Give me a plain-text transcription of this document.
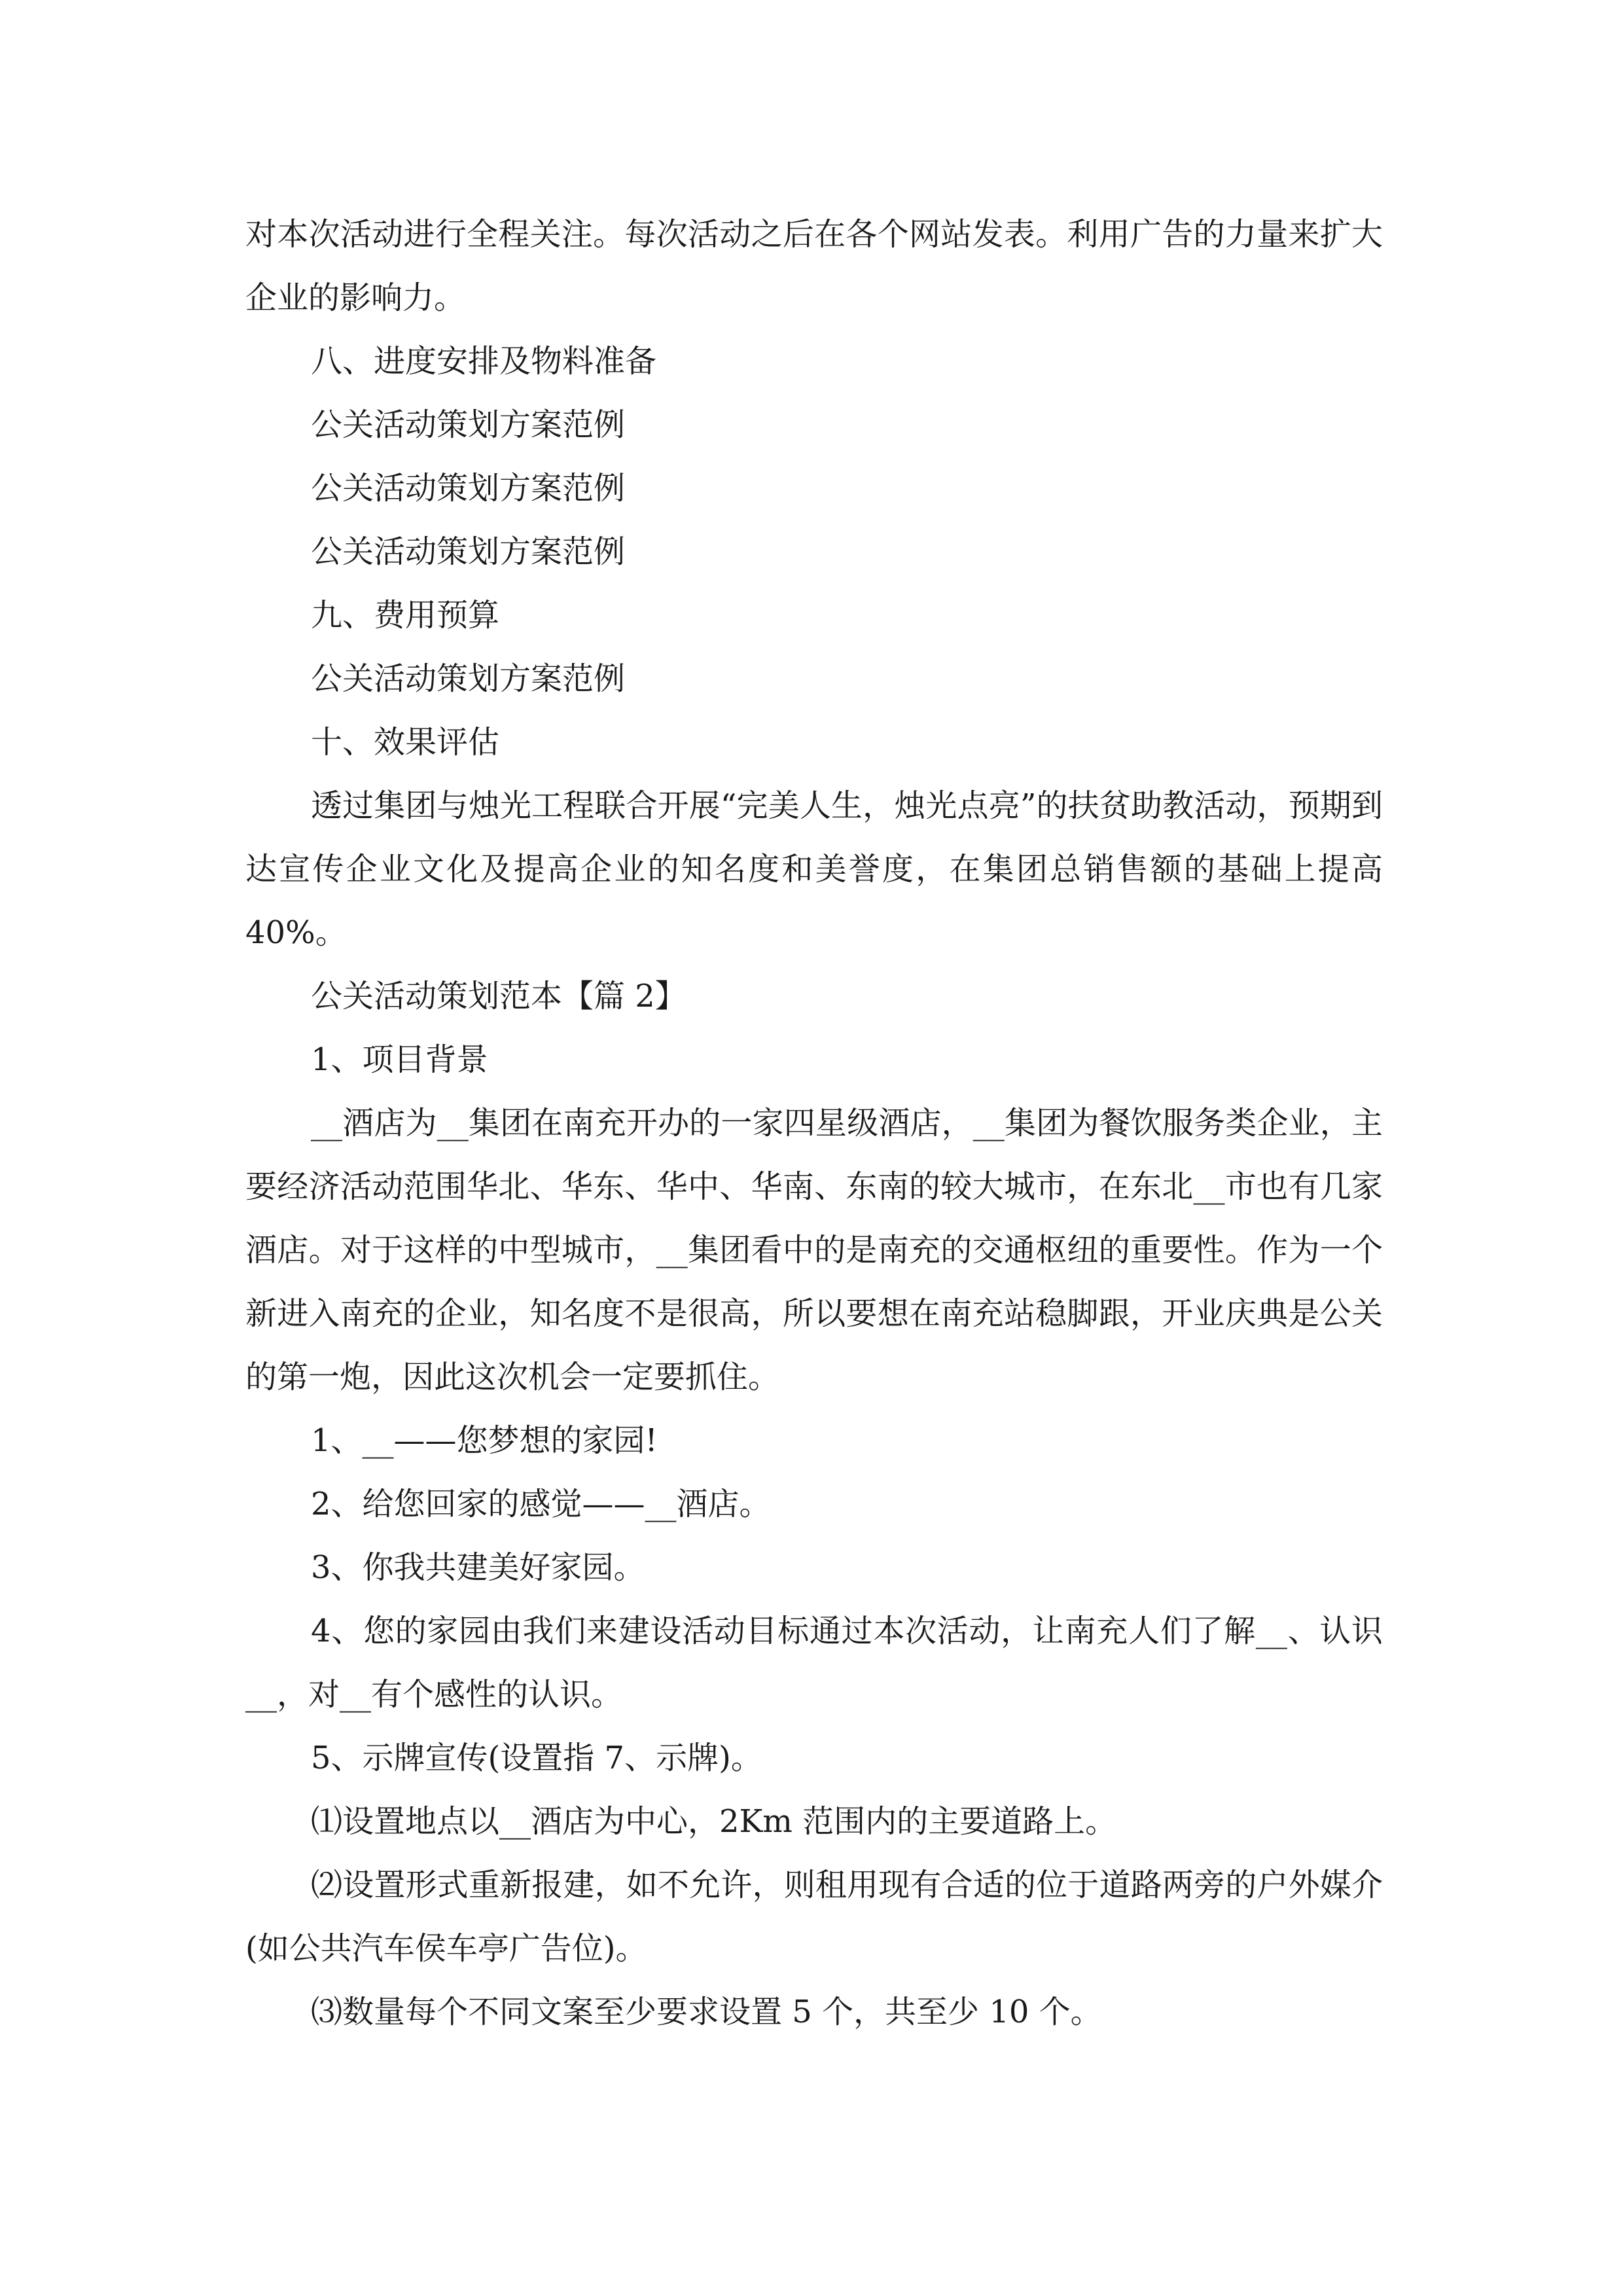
对本次活动进行全程关注。每次活动之后在各个网站发表。利用广告的力量来扩大企业的影响力。

八、进度安排及物料准备

公关活动策划方案范例

公关活动策划方案范例

公关活动策划方案范例

九、费用预算

公关活动策划方案范例

十、效果评估

透过集团与烛光工程联合开展“完美人生，烛光点亮”的扶贫助教活动，预期到达宣传企业文化及提高企业的知名度和美誉度，在集团总销售额的基础上提高 40%。

公关活动策划范本【篇 2】

1、项目背景

__酒店为__集团在南充开办的一家四星级酒店，__集团为餐饮服务类企业，主要经济活动范围华北、华东、华中、华南、东南的较大城市，在东北__市也有几家酒店。对于这样的中型城市，__集团看中的是南充的交通枢纽的重要性。作为一个新进入南充的企业，知名度不是很高，所以要想在南充站稳脚跟，开业庆典是公关的第一炮，因此这次机会一定要抓住。

1、__——您梦想的家园!

2、给您回家的感觉——__酒店。

3、你我共建美好家园。

4、您的家园由我们来建设活动目标通过本次活动，让南充人们了解__、认识__，对__有个感性的认识。

5、示牌宣传(设置指 7、示牌)。

⑴设置地点以__酒店为中心，2Km 范围内的主要道路上。

⑵设置形式重新报建，如不允许，则租用现有合适的位于道路两旁的户外媒介(如公共汽车侯车亭广告位)。

⑶数量每个不同文案至少要求设置 5 个，共至少 10 个。
